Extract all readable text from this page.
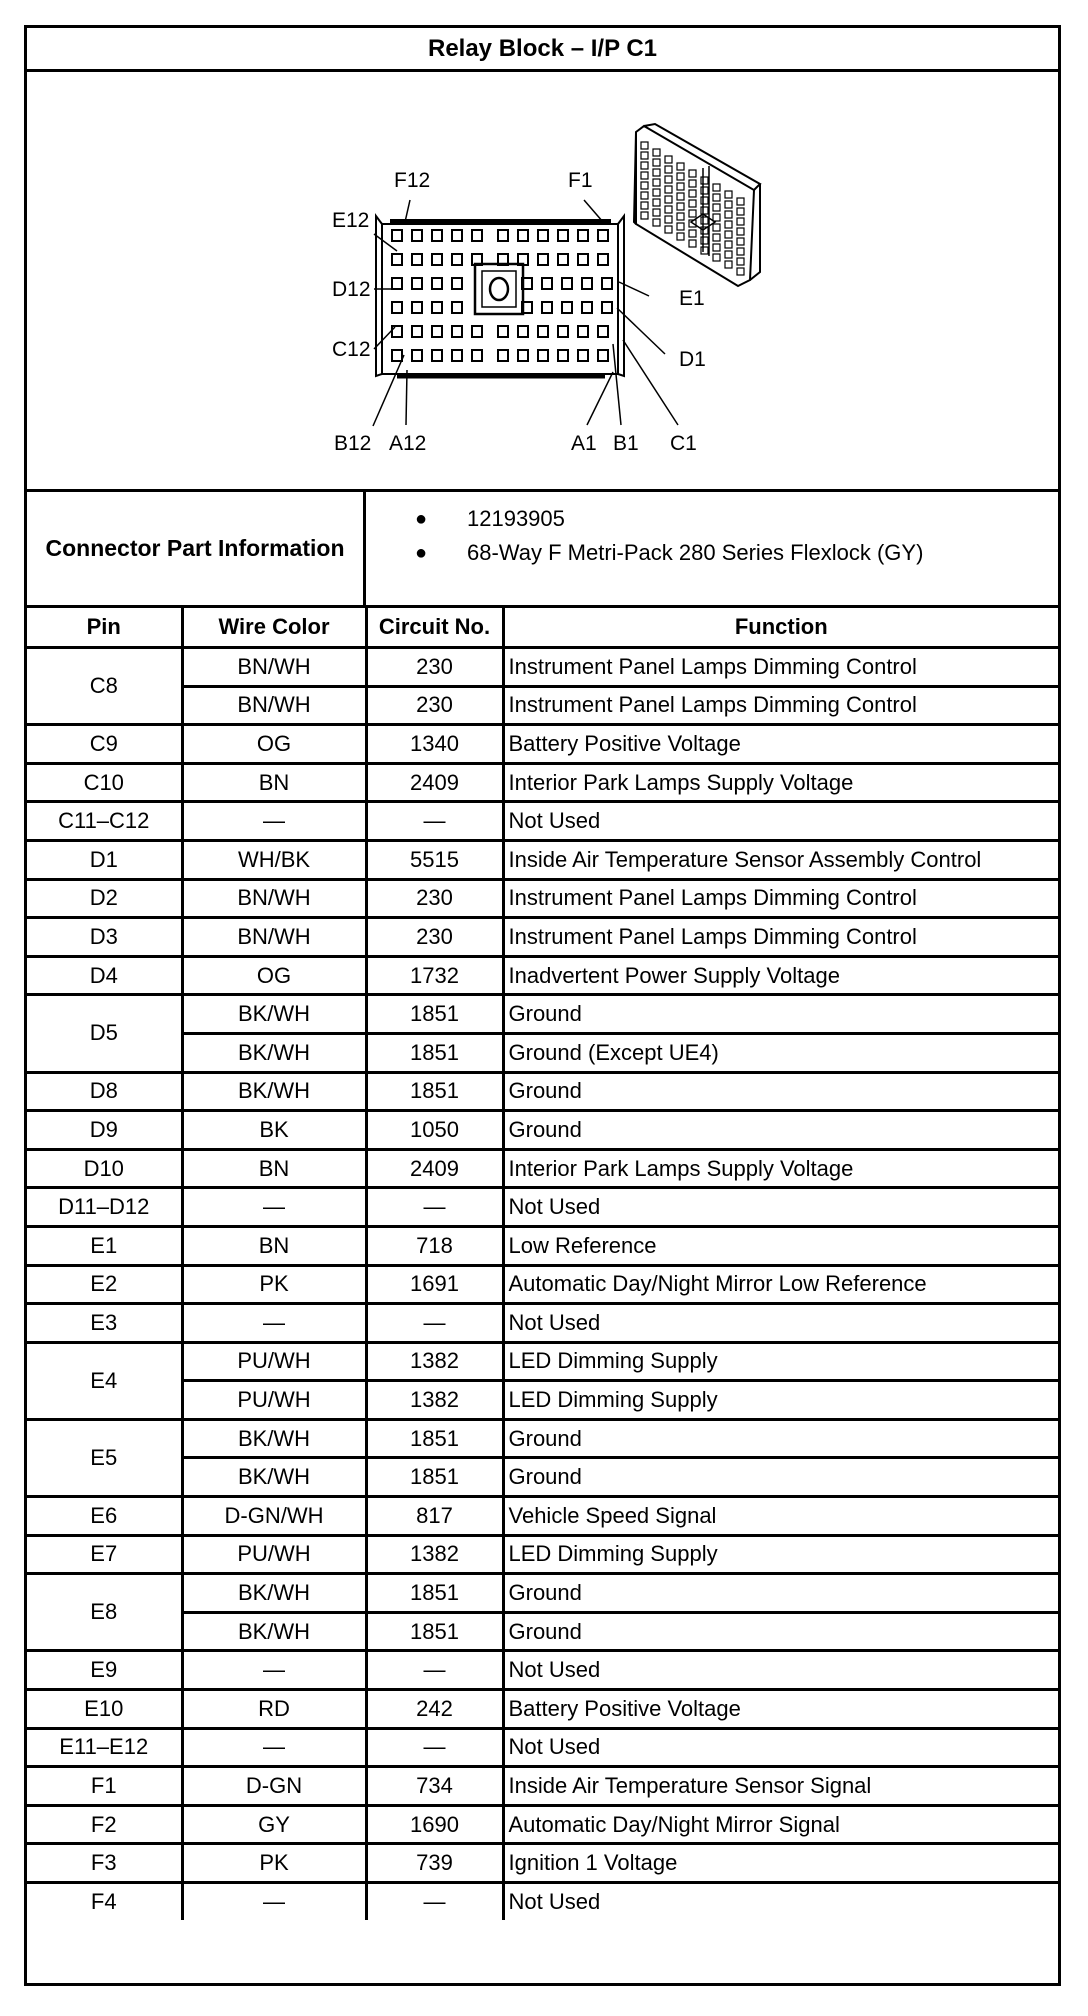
Relay Block – I/P C1
F12	F1
E12
D12	E1
C12	D1
B12 A12	A1 B1 C1
Connector Part Information
● 12193905
● 68-Way F Metri-Pack 280 Series Flexlock (GY)
Pin	Wire Color	Circuit No.	Function
C8	BN/WH	230	Instrument Panel Lamps Dimming Control
	BN/WH	230	Instrument Panel Lamps Dimming Control
C9	OG	1340	Battery Positive Voltage
C10	BN	2409	Interior Park Lamps Supply Voltage
C11–C12	—	—	Not Used
D1	WH/BK	5515	Inside Air Temperature Sensor Assembly Control
D2	BN/WH	230	Instrument Panel Lamps Dimming Control
D3	BN/WH	230	Instrument Panel Lamps Dimming Control
D4	OG	1732	Inadvertent Power Supply Voltage
D5	BK/WH	1851	Ground
	BK/WH	1851	Ground (Except UE4)
D8	BK/WH	1851	Ground
D9	BK	1050	Ground
D10	BN	2409	Interior Park Lamps Supply Voltage
D11–D12	—	—	Not Used
E1	BN	718	Low Reference
E2	PK	1691	Automatic Day/Night Mirror Low Reference
E3	—	—	Not Used
E4	PU/WH	1382	LED Dimming Supply
	PU/WH	1382	LED Dimming Supply
E5	BK/WH	1851	Ground
	BK/WH	1851	Ground
E6	D-GN/WH	817	Vehicle Speed Signal
E7	PU/WH	1382	LED Dimming Supply
E8	BK/WH	1851	Ground
	BK/WH	1851	Ground
E9	—	—	Not Used
E10	RD	242	Battery Positive Voltage
E11–E12	—	—	Not Used
F1	D-GN	734	Inside Air Temperature Sensor Signal
F2	GY	1690	Automatic Day/Night Mirror Signal
F3	PK	739	Ignition 1 Voltage
F4	—	—	Not Used
